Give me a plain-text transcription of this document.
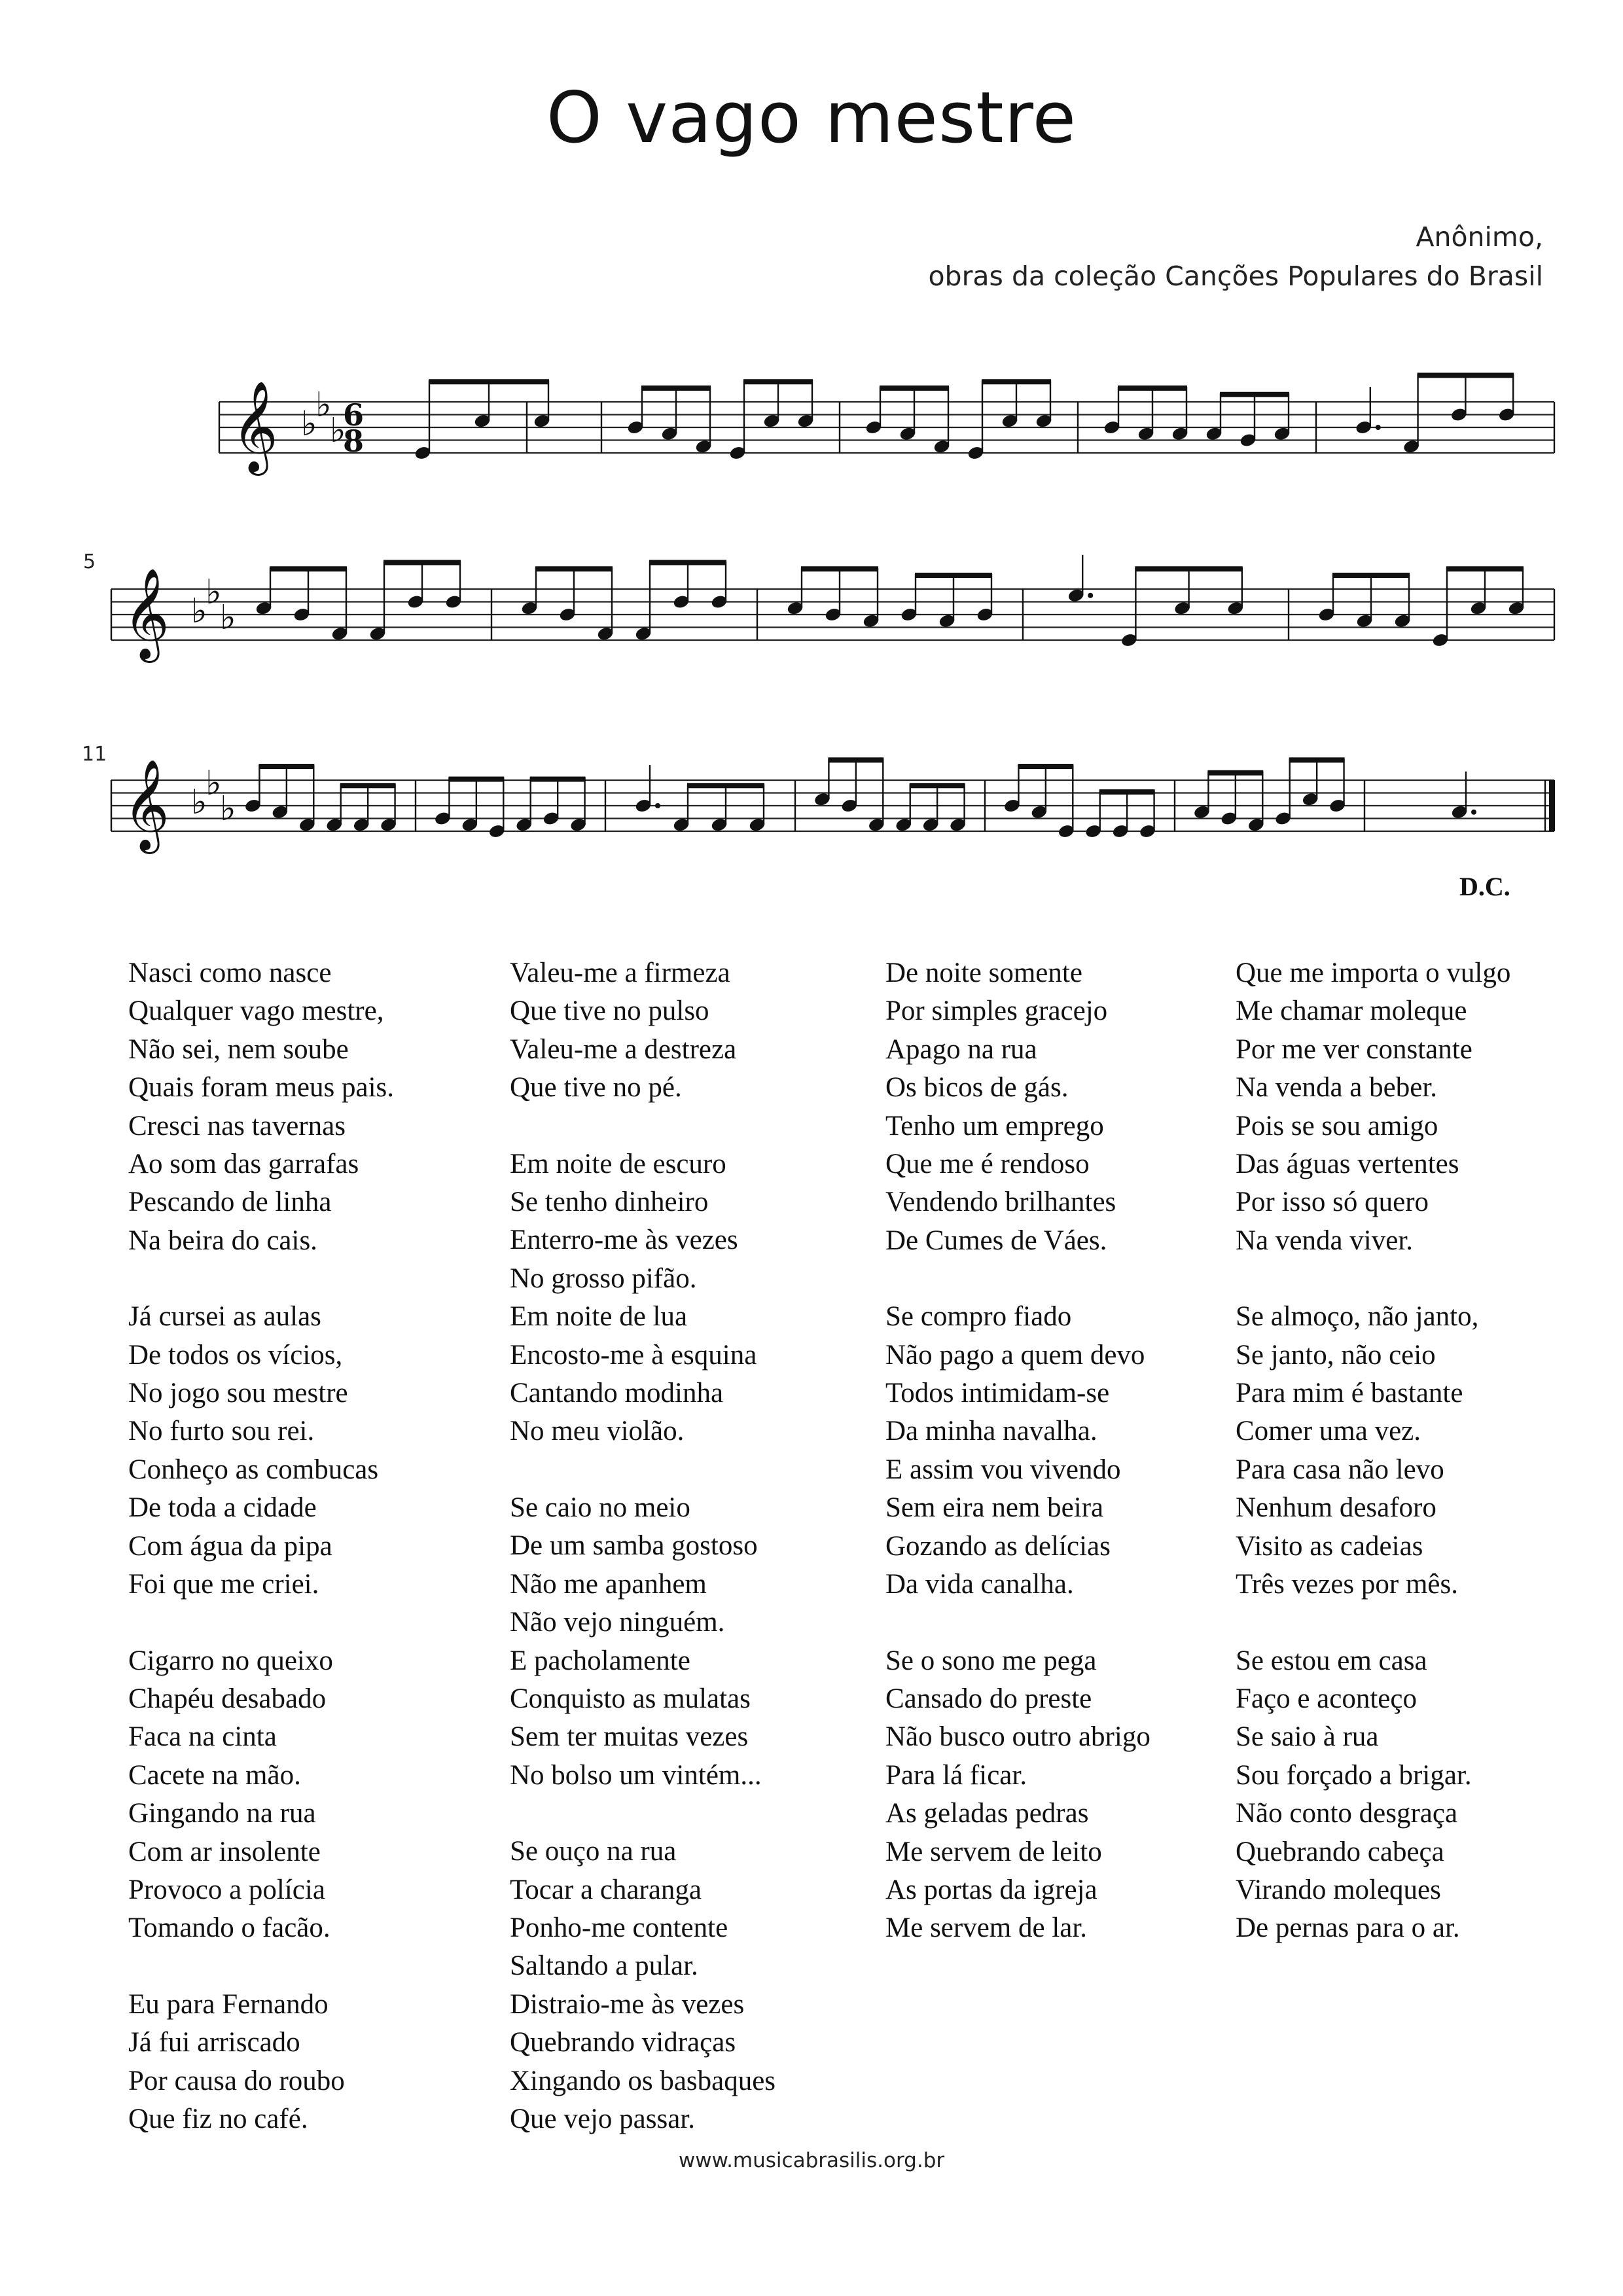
O vago mestre
Anônimo,
obras da coleção Canções Populares do Brasil
5
11
D.C.
𝄞 ♭
♭
♭
6
8
𝄞 ♭
♭
♭
𝄞 ♭
♭
♭
Nasci como nasce
Qualquer vago mestre,
Não sei, nem soube
Quais foram meus pais.
Cresci nas tavernas
Ao som das garrafas
Pescando de linha
Na beira do cais.
Já cursei as aulas
De todos os vícios,
No jogo sou mestre
No furto sou rei.
Conheço as combucas
De toda a cidade
Com água da pipa
Foi que me criei.
Cigarro no queixo
Chapéu desabado
Faca na cinta
Cacete na mão.
Gingando na rua
Com ar insolente
Provoco a polícia
Tomando o facão.
Eu para Fernando
Já fui arriscado
Por causa do roubo
Que fiz no café.
Valeu-me a firmeza
Que tive no pulso
Valeu-me a destreza
Que tive no pé.
Em noite de escuro
Se tenho dinheiro
Enterro-me às vezes
No grosso pifão.
Em noite de lua
Encosto-me à esquina
Cantando modinha
No meu violão.
Se caio no meio
De um samba gostoso
Não me apanhem
Não vejo ninguém.
E pacholamente
Conquisto as mulatas
Sem ter muitas vezes
No bolso um vintém...
Se ouço na rua
Tocar a charanga
Ponho-me contente
Saltando a pular.
Distraio-me às vezes
Quebrando vidraças
Xingando os basbaques
Que vejo passar.
De noite somente
Por simples gracejo
Apago na rua
Os bicos de gás.
Tenho um emprego
Que me é rendoso
Vendendo brilhantes
De Cumes de Váes.
Se compro fiado
Não pago a quem devo
Todos intimidam-se
Da minha navalha.
E assim vou vivendo
Sem eira nem beira
Gozando as delícias
Da vida canalha.
Se o sono me pega
Cansado do preste
Não busco outro abrigo
Para lá ficar.
As geladas pedras
Me servem de leito
As portas da igreja
Me servem de lar.
Que me importa o vulgo
Me chamar moleque
Por me ver constante
Na venda a beber.
Pois se sou amigo
Das águas vertentes
Por isso só quero
Na venda viver.
Se almoço, não janto,
Se janto, não ceio
Para mim é bastante
Comer uma vez.
Para casa não levo
Nenhum desaforo
Visito as cadeias
Três vezes por mês.
Se estou em casa
Faço e aconteço
Se saio à rua
Sou forçado a brigar.
Não conto desgraça
Quebrando cabeça
Virando moleques
De pernas para o ar.
www.musicabrasilis.org.br
